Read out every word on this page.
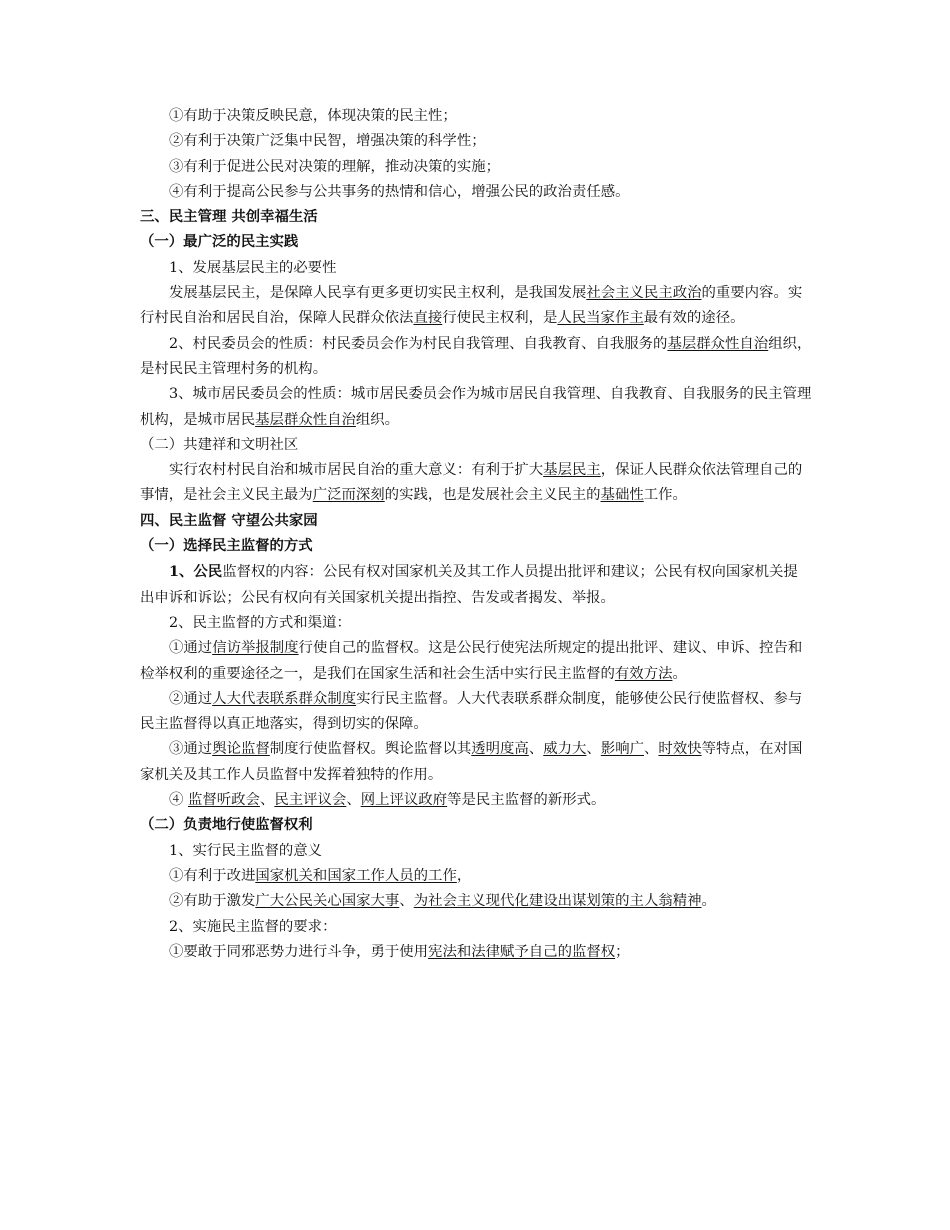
①有助于决策反映民意，体现决策的民主性；

②有利于决策广泛集中民智，增强决策的科学性；

③有利于促进公民对决策的理解，推动决策的实施；

④有利于提高公民参与公共事务的热情和信心，增强公民的政治责任感。

三、民主管理 共创幸福生活

（一）最广泛的民主实践

1、发展基层民主的必要性

发展基层民主，是保障人民享有更多更切实民主权利，是我国发展社会主义民主政治的重要内容。实行村民自治和居民自治，保障人民群众依法直接行使民主权利，是人民当家作主最有效的途径。

2、村民委员会的性质：村民委员会作为村民自我管理、自我教育、自我服务的基层群众性自治组织，是村民民主管理村务的机构。

3、城市居民委员会的性质：城市居民委员会作为城市居民自我管理、自我教育、自我服务的民主管理机构，是城市居民基层群众性自治组织。

（二）共建祥和文明社区

实行农村村民自治和城市居民自治的重大意义：有利于扩大基层民主，保证人民群众依法管理自己的事情，是社会主义民主最为广泛而深刻的实践，也是发展社会主义民主的基础性工作。

四、民主监督 守望公共家园

（一）选择民主监督的方式

1、公民监督权的内容：公民有权对国家机关及其工作人员提出批评和建议；公民有权向国家机关提出申诉和诉讼；公民有权向有关国家机关提出指控、告发或者揭发、举报。

2、民主监督的方式和渠道：

①通过信访举报制度行使自己的监督权。这是公民行使宪法所规定的提出批评、建议、申诉、控告和检举权利的重要途径之一，是我们在国家生活和社会生活中实行民主监督的有效方法。

②通过人大代表联系群众制度实行民主监督。人大代表联系群众制度，能够使公民行使监督权、参与民主监督得以真正地落实，得到切实的保障。

③通过舆论监督制度行使监督权。舆论监督以其透明度高、威力大、影响广、时效快等特点，在对国家机关及其工作人员监督中发挥着独特的作用。

④ 监督听政会、民主评议会、网上评议政府等是民主监督的新形式。

（二）负责地行使监督权利

1、实行民主监督的意义

①有利于改进国家机关和国家工作人员的工作，

②有助于激发广大公民关心国家大事、为社会主义现代化建设出谋划策的主人翁精神。

2、实施民主监督的要求：

①要敢于同邪恶势力进行斗争，勇于使用宪法和法律赋予自己的监督权；
